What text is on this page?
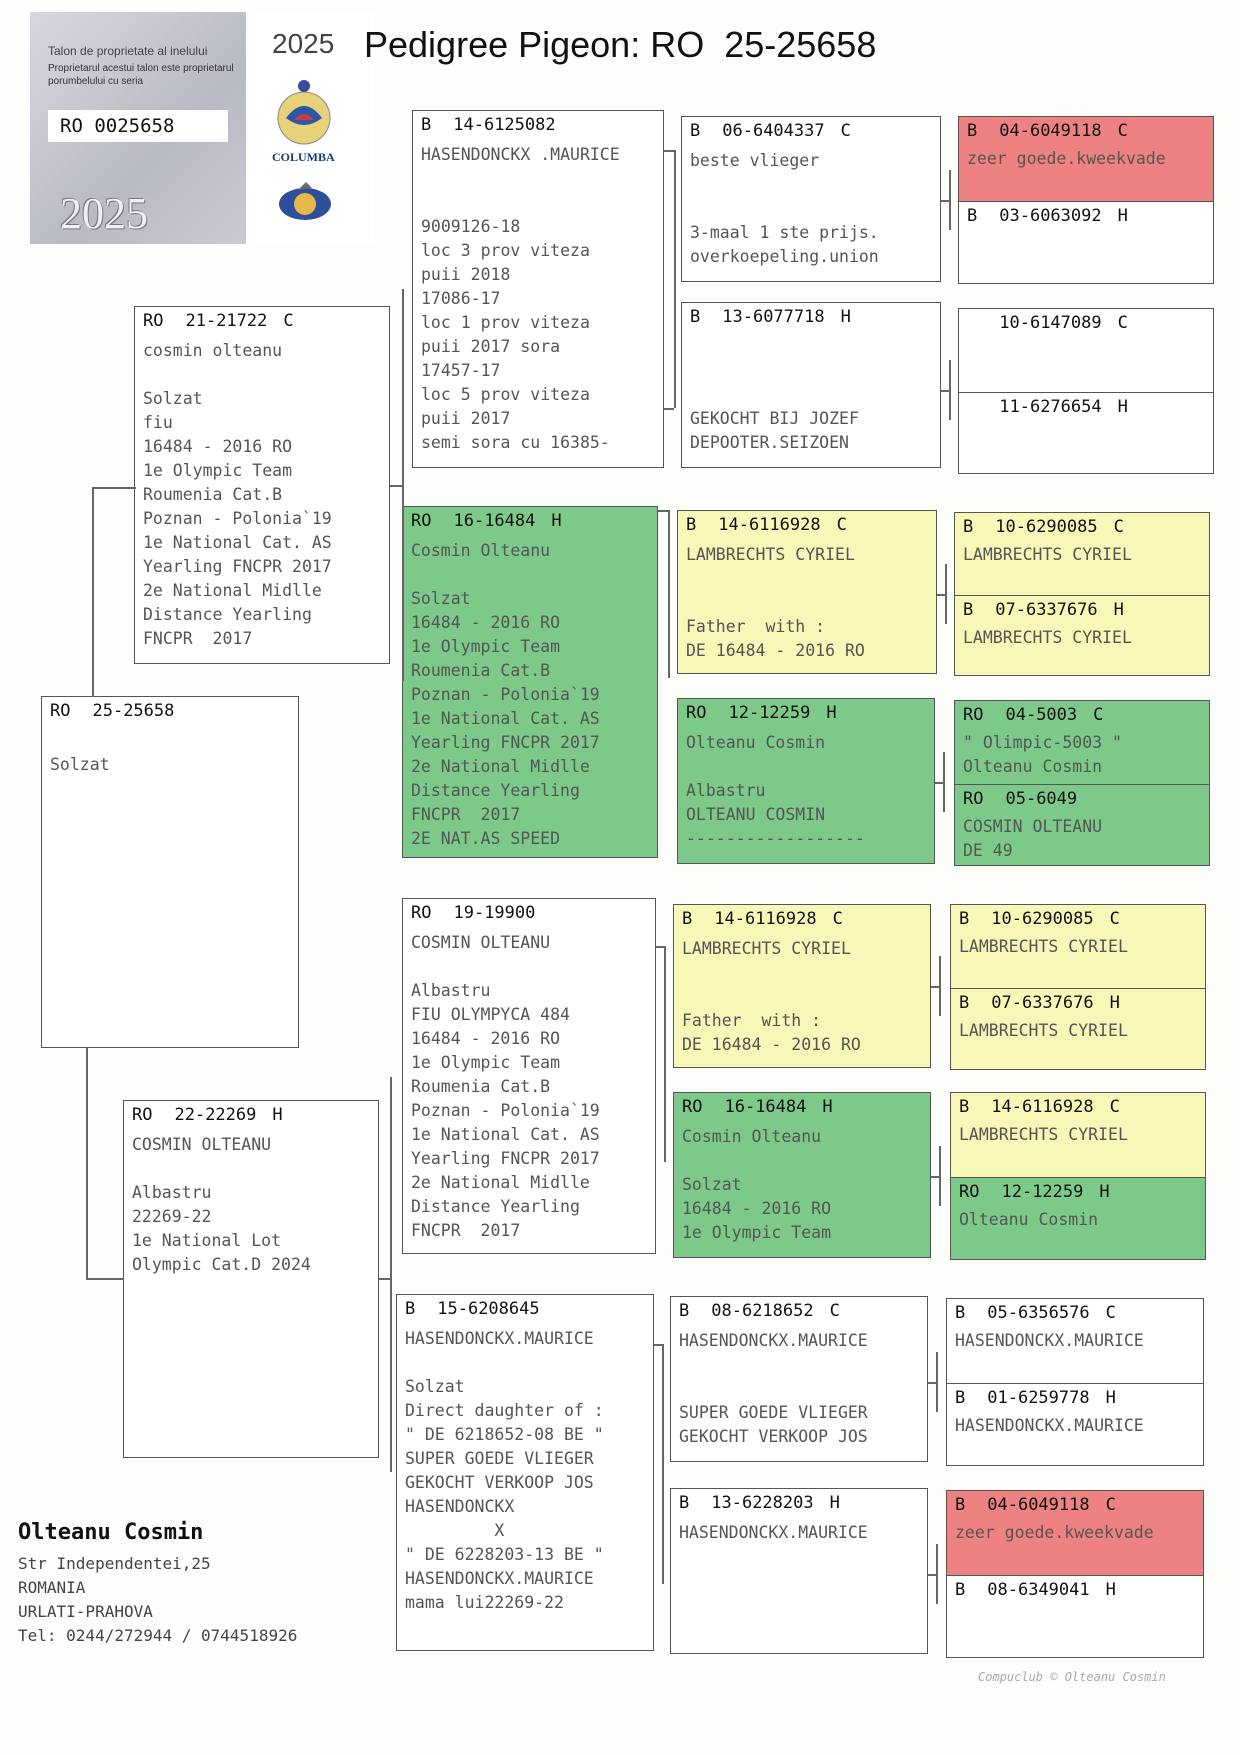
Talon de proprietate al inelului
Proprietarul acestui talon este proprietarul porumbelului cu seria
RO 0025658
2025
2025
COLUMBA
Pedigree Pigeon: RO  25-25658
RO 25-25658

Solzat
RO 21-21722 C
cosmin olteanu

Solzat
fiu
16484 - 2016 RO
1e Olympic Team
Roumenia Cat.B
Poznan - Polonia`19
1e National Cat. AS
Yearling FNCPR 2017
2e National Midlle
Distance Yearling
FNCPR  2017
RO 22-22269 H
COSMIN OLTEANU

Albastru
22269-22
1e National Lot
Olympic Cat.D 2024
B 14-6125082
HASENDONCKX .MAURICE

9009126-18
loc 3 prov viteza
puii 2018
17086-17
loc 1 prov viteza
puii 2017 sora
17457-17
loc 5 prov viteza
puii 2017
semi sora cu 16385-
RO 16-16484 H
Cosmin Olteanu

Solzat
16484 - 2016 RO
1e Olympic Team
Roumenia Cat.B
Poznan - Polonia`19
1e National Cat. AS
Yearling FNCPR 2017
2e National Midlle
Distance Yearling
FNCPR  2017
2E NAT.AS SPEED
RO 19-19900
COSMIN OLTEANU

Albastru
FIU OLYMPYCA 484
16484 - 2016 RO
1e Olympic Team
Roumenia Cat.B
Poznan - Polonia`19
1e National Cat. AS
Yearling FNCPR 2017
2e National Midlle
Distance Yearling
FNCPR  2017
B 15-6208645
HASENDONCKX.MAURICE

Solzat
Direct daughter of :
" DE 6218652-08 BE "
SUPER GOEDE VLIEGER
GEKOCHT VERKOOP JOS
HASENDONCKX
X
" DE 6228203-13 BE "
HASENDONCKX.MAURICE
mama lui22269-22
B 06-6404337 C
beste vlieger

3-maal 1 ste prijs.
overkoepeling.union
B 13-6077718 H

GEKOCHT BIJ JOZEF
DEPOOTER.SEIZOEN
B 14-6116928 C
LAMBRECHTS CYRIEL

Father  with :
DE 16484 - 2016 RO
RO 12-12259 H
Olteanu Cosmin

Albastru
OLTEANU COSMIN
------------------
B 14-6116928 C
LAMBRECHTS CYRIEL

Father  with :
DE 16484 - 2016 RO
RO 16-16484 H
Cosmin Olteanu

Solzat
16484 - 2016 RO
1e Olympic Team
B 08-6218652 C
HASENDONCKX.MAURICE

SUPER GOEDE VLIEGER
GEKOCHT VERKOOP JOS
B 13-6228203 H
HASENDONCKX.MAURICE
B 04-6049118 C
zeer goede.kweekvade
B 03-6063092 H
10-6147089 C
11-6276654 H
B 10-6290085 C
LAMBRECHTS CYRIEL
B 07-6337676 H
LAMBRECHTS CYRIEL
RO 04-5003 C
" Olimpic-5003 "
Olteanu Cosmin
RO 05-6049
COSMIN OLTEANU
DE 49
B 10-6290085 C
LAMBRECHTS CYRIEL
B 07-6337676 H
LAMBRECHTS CYRIEL
B 14-6116928 C
LAMBRECHTS CYRIEL
RO 12-12259 H
Olteanu Cosmin
B 05-6356576 C
HASENDONCKX.MAURICE
B 01-6259778 H
HASENDONCKX.MAURICE
B 04-6049118 C
zeer goede.kweekvade
B 08-6349041 H
Olteanu Cosmin
Str Independentei,25
ROMANIA
URLATI-PRAHOVA
Tel: 0244/272944 / 0744518926
Compuclub © Olteanu Cosmin
